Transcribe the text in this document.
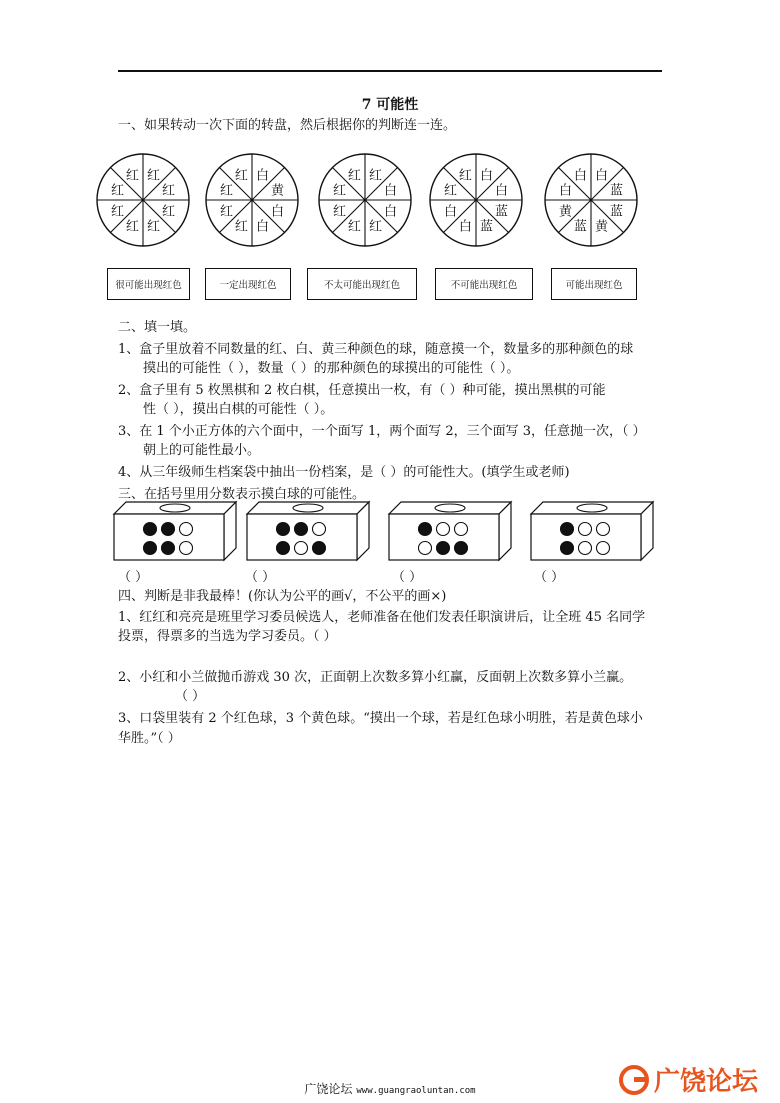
7 可能性
一、如果转动一次下面的转盘，然后根据你的判断连一连。
红
红
红
红
红
红
红
红	白
黄
白
白
红
红
红
红	红
白
白
红
红
红
红
红	白
白
蓝
蓝
白
白
红
红	白
蓝
蓝
黄
蓝
黄
白
白
很可能出现红色	一定出现红色	不太可能出现红色	不可能出现红色	可能出现红色
二、填一填。
1、盒子里放着不同数量的红、白、黄三种颜色的球，随意摸一个，数量多的那种颜色的球
摸出的可能性（ ），数量（ ）的那种颜色的球摸出的可能性（ ）。
2、盒子里有 5 枚黑棋和 2 枚白棋，任意摸出一枚，有（ ）种可能，摸出黑棋的可能
性（ ），摸出白棋的可能性（ ）。
3、在 1 个小正方体的六个面中，一个面写 1，两个面写 2，三个面写 3，任意抛一次，（ ）
朝上的可能性最小。
4、从三年级师生档案袋中抽出一份档案，是（ ）的可能性大。(填学生或老师)
三、在括号里用分数表示摸白球的可能性。
（ ）	（ ）	（ ）	（ ）
四、判断是非我最棒！(你认为公平的画√，不公平的画×)
1、红红和亮亮是班里学习委员候选人，老师准备在他们发表任职演讲后，让全班 45 名同学
投票，得票多的当选为学习委员。（ ）
2、小红和小兰做抛币游戏 30 次，正面朝上次数多算小红赢，反面朝上次数多算小兰赢。
（ ）
3、口袋里装有 2 个红色球，3 个黄色球。“摸出一个球，若是红色球小明胜，若是黄色球小
华胜。”（ ）
广饶论坛 www.guangraoluntan.com	广饶论坛
